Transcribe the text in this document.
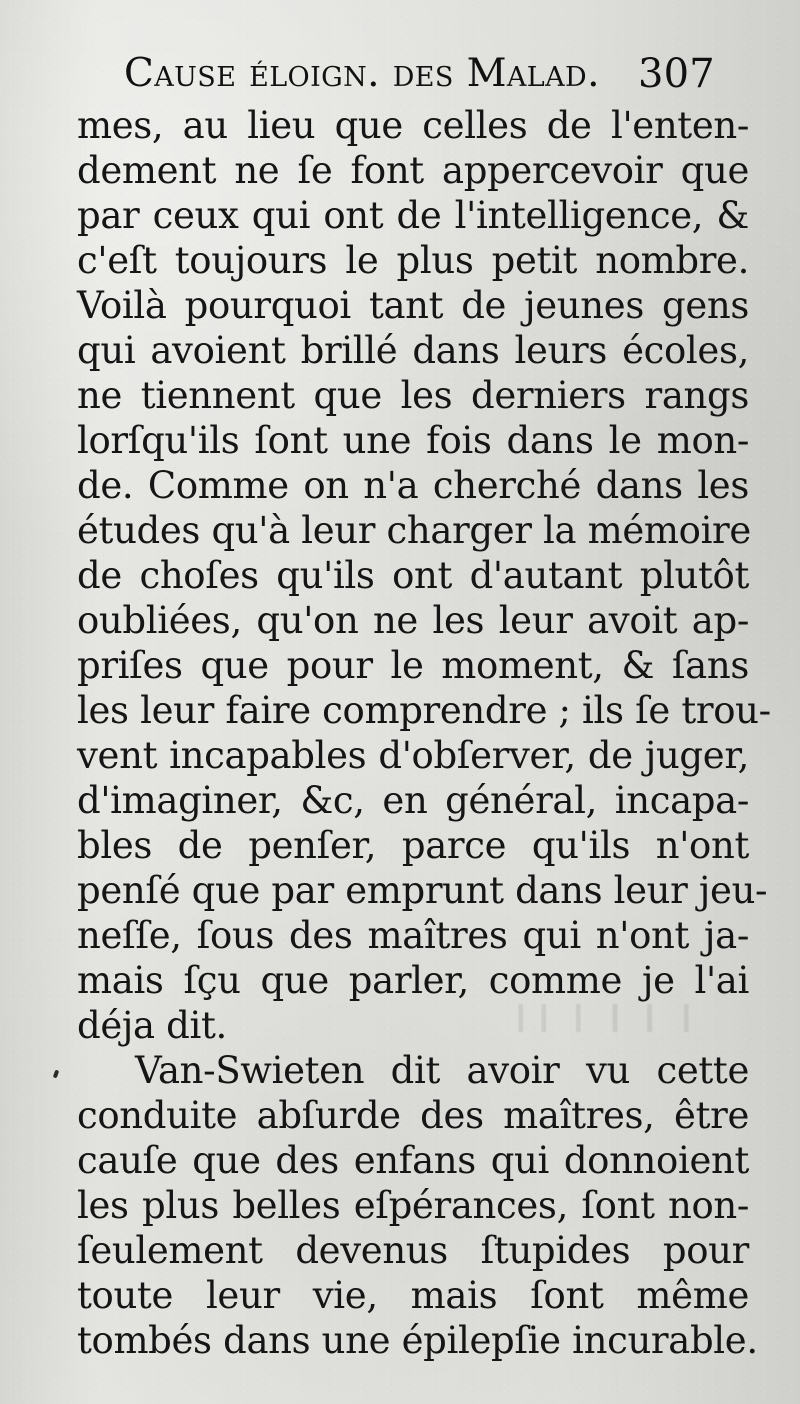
Cause éloign. des Malad. 307
mes, au lieu que celles de l'enten-
dement ne ſe font appercevoir que
par ceux qui ont de l'intelligence, &
c'eſt toujours le plus petit nombre.
Voilà pourquoi tant de jeunes gens
qui avoient brillé dans leurs écoles,
ne tiennent que les derniers rangs
lorſqu'ils ſont une fois dans le mon-
de. Comme on n'a cherché dans les
études qu'à leur charger la mémoire
de choſes qu'ils ont d'autant plutôt
oubliées, qu'on ne les leur avoit ap-
priſes que pour le moment, & ſans
les leur faire comprendre ; ils ſe trou-
vent incapables d'obſerver, de juger,
d'imaginer, &c, en général, incapa-
bles de penſer, parce qu'ils n'ont
penſé que par emprunt dans leur jeu-
neſſe, ſous des maîtres qui n'ont ja-
mais ſçu que parler, comme je l'ai
déja dit.
Van-Swieten dit avoir vu cette
conduite abſurde des maîtres, être
cauſe que des enfans qui donnoient
les plus belles eſpérances, ſont non-
ſeulement devenus ſtupides pour
toute leur vie, mais ſont même
tombés dans une épilepſie incurable.
